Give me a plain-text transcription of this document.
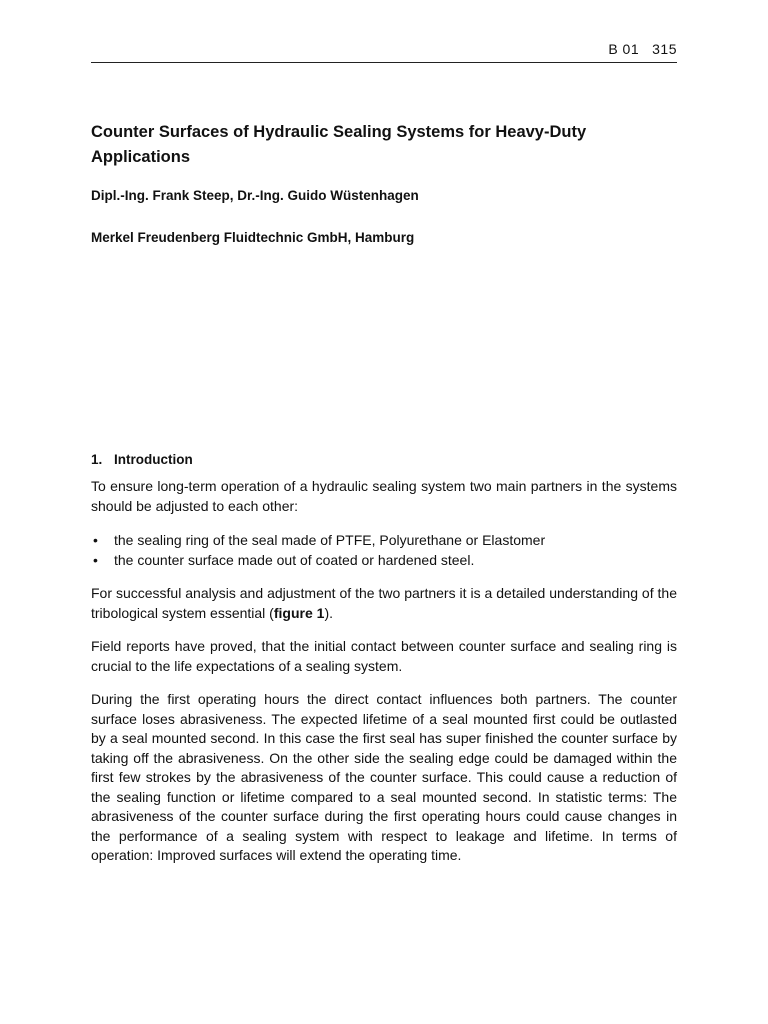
B 01 315
Counter Surfaces of Hydraulic Sealing Systems for Heavy-Duty Applications

Dipl.-Ing. Frank Steep, Dr.-Ing. Guido Wüstenhagen

Merkel Freudenberg Fluidtechnic GmbH, Hamburg

1. Introduction

To ensure long-term operation of a hydraulic sealing system two main partners in the systems should be adjusted to each other:

• the sealing ring of the seal made of PTFE, Polyurethane or Elastomer
• the counter surface made out of coated or hardened steel.

For successful analysis and adjustment of the two partners it is a detailed understanding of the tribological system essential (figure 1).

Field reports have proved, that the initial contact between counter surface and sealing ring is crucial to the life expectations of a sealing system.

During the first operating hours the direct contact influences both partners. The counter surface loses abrasiveness. The expected lifetime of a seal mounted first could be outlasted by a seal mounted second. In this case the first seal has super finished the counter surface by taking off the abrasiveness. On the other side the sealing edge could be damaged within the first few strokes by the abrasiveness of the counter surface. This could cause a reduction of the sealing function or lifetime compared to a seal mounted second. In statistic terms: The abrasiveness of the counter surface during the first operating hours could cause changes in the performance of a sealing system with respect to leakage and lifetime. In terms of operation: Improved surfaces will extend the operating time.
